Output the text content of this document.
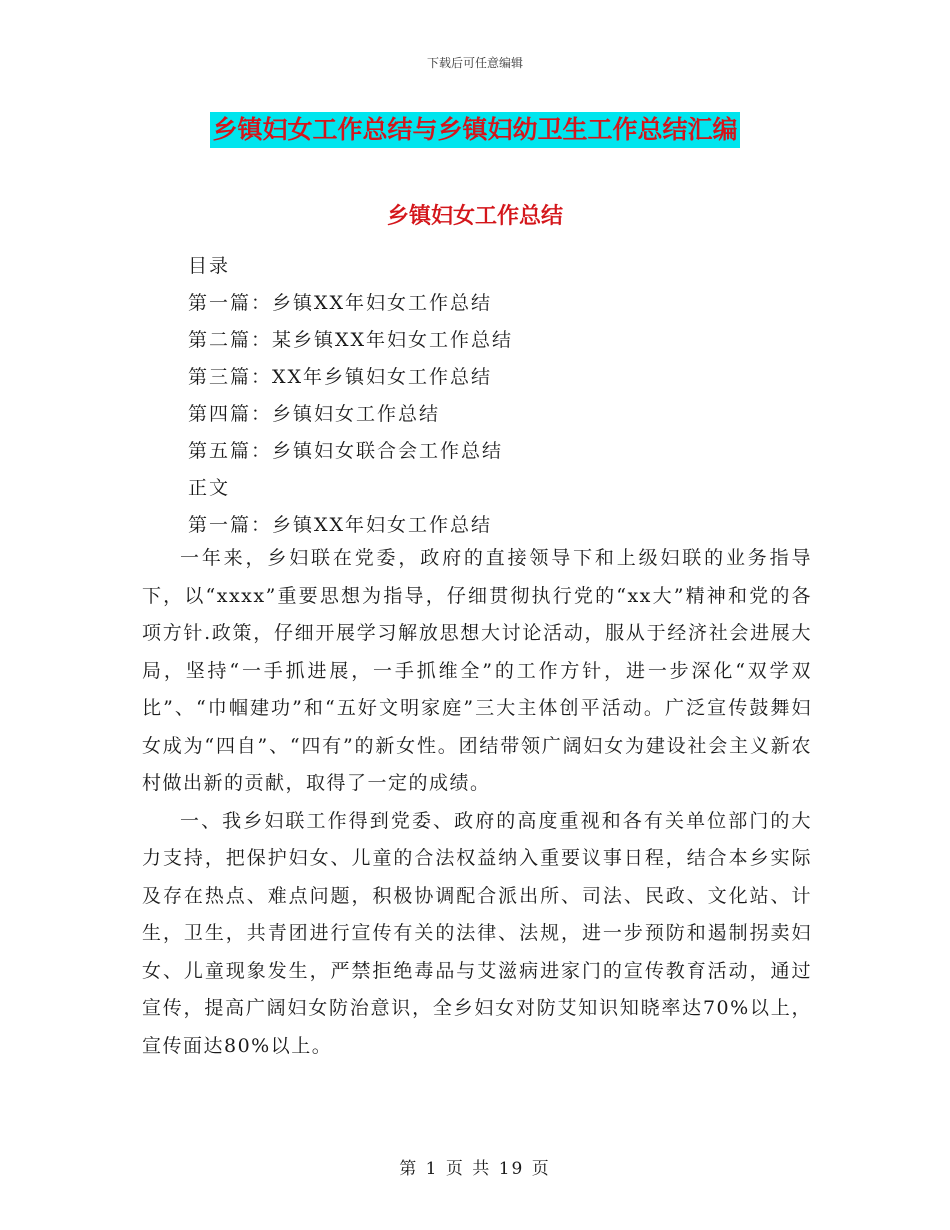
下载后可任意编辑
乡镇妇女工作总结与乡镇妇幼卫生工作总结汇编
乡镇妇女工作总结
目录
第一篇：乡镇XX年妇女工作总结
第二篇：某乡镇XX年妇女工作总结
第三篇：XX年乡镇妇女工作总结
第四篇：乡镇妇女工作总结
第五篇：乡镇妇女联合会工作总结
正文
第一篇：乡镇XX年妇女工作总结

一年来，乡妇联在党委，政府的直接领导下和上级妇联的业务指导下，以“xxxx”重要思想为指导，仔细贯彻执行党的“xx大”精神和党的各项方针.政策，仔细开展学习解放思想大讨论活动，服从于经济社会进展大局，坚持“一手抓进展，一手抓维全”的工作方针，进一步深化“双学双比”、“巾帼建功”和“五好文明家庭”三大主体创平活动。广泛宣传鼓舞妇女成为“四自”、“四有”的新女性。团结带领广阔妇女为建设社会主义新农村做出新的贡献，取得了一定的成绩。

一、我乡妇联工作得到党委、政府的高度重视和各有关单位部门的大力支持，把保护妇女、儿童的合法权益纳入重要议事日程，结合本乡实际及存在热点、难点问题，积极协调配合派出所、司法、民政、文化站、计生，卫生，共青团进行宣传有关的法律、法规，进一步预防和遏制拐卖妇女、儿童现象发生，严禁拒绝毒品与艾滋病进家门的宣传教育活动，通过宣传，提高广阔妇女防治意识，全乡妇女对防艾知识知晓率达70%以上，宣传面达80%以上。

第 1 页 共 19 页
